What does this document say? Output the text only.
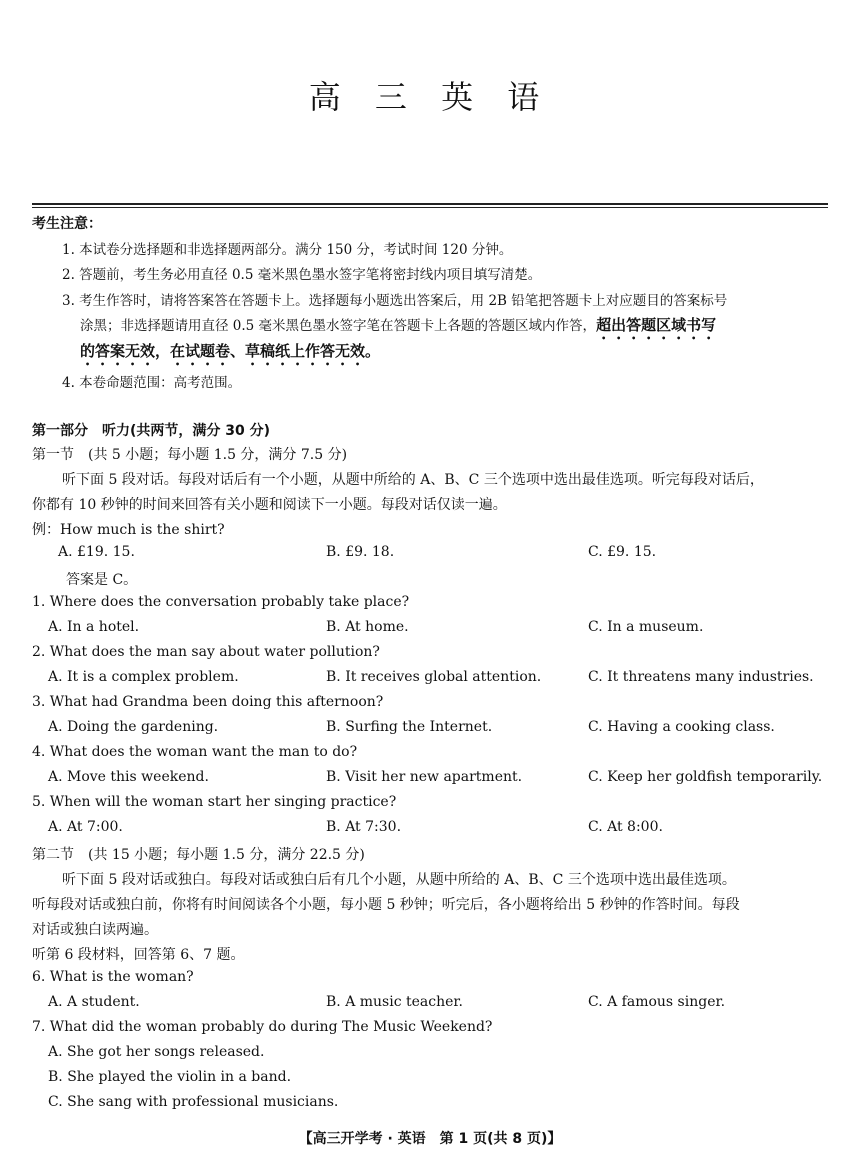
高 三 英 语
考生注意：
1. 本试卷分选择题和非选择题两部分。满分 150 分，考试时间 120 分钟。
2. 答题前，考生务必用直径 0.5 毫米黑色墨水签字笔将密封线内项目填写清楚。
3. 考生作答时，请将答案答在答题卡上。选择题每小题选出答案后，用 2B 铅笔把答题卡上对应题目的答案标号
涂黑；非选择题请用直径 0.5 毫米黑色墨水签字笔在答题卡上各题的答题区域内作答，超出答题区域书写
的答案无效，在试题卷、草稿纸上作答无效。
4. 本卷命题范围：高考范围。
第一部分　听力(共两节，满分 30 分)
第一节　(共 5 小题；每小题 1.5 分，满分 7.5 分)
听下面 5 段对话。每段对话后有一个小题，从题中所给的 A、B、C 三个选项中选出最佳选项。听完每段对话后，
你都有 10 秒钟的时间来回答有关小题和阅读下一小题。每段对话仅读一遍。
例：How much is the shirt?
A. £19. 15.	B. £9. 18.	C. £9. 15.
答案是 C。
1. Where does the conversation probably take place?
A. In a hotel.	B. At home.	C. In a museum.
2. What does the man say about water pollution?
A. It is a complex problem.	B. It receives global attention.	C. It threatens many industries.
3. What had Grandma been doing this afternoon?
A. Doing the gardening.	B. Surfing the Internet.	C. Having a cooking class.
4. What does the woman want the man to do?
A. Move this weekend.	B. Visit her new apartment.	C. Keep her goldfish temporarily.
5. When will the woman start her singing practice?
A. At 7:00.	B. At 7:30.	C. At 8:00.
第二节　(共 15 小题；每小题 1.5 分，满分 22.5 分)
听下面 5 段对话或独白。每段对话或独白后有几个小题，从题中所给的 A、B、C 三个选项中选出最佳选项。
听每段对话或独白前，你将有时间阅读各个小题，每小题 5 秒钟；听完后，各小题将给出 5 秒钟的作答时间。每段
对话或独白读两遍。
听第 6 段材料，回答第 6、7 题。
6. What is the woman?
A. A student.	B. A music teacher.	C. A famous singer.
7. What did the woman probably do during The Music Weekend?
A. She got her songs released.
B. She played the violin in a band.
C. She sang with professional musicians.
【高三开学考 · 英语　第 1 页(共 8 页)】
